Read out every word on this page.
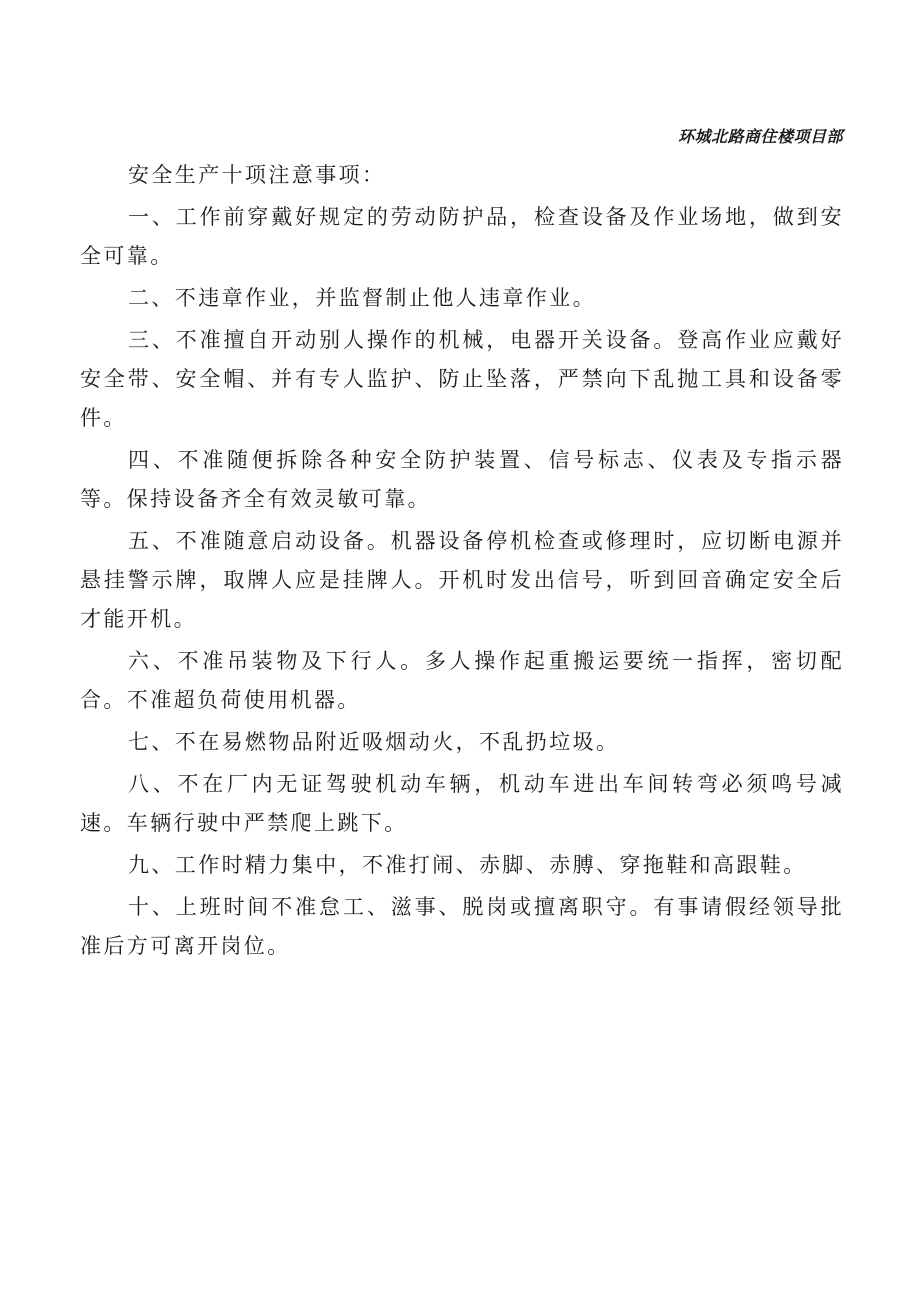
环城北路商住楼项目部

安全生产十项注意事项：

一、工作前穿戴好规定的劳动防护品，检查设备及作业场地，做到安全可靠。

二、不违章作业，并监督制止他人违章作业。

三、不准擅自开动别人操作的机械，电器开关设备。登高作业应戴好安全带、安全帽、并有专人监护、防止坠落，严禁向下乱抛工具和设备零件。

四、不准随便拆除各种安全防护装置、信号标志、仪表及专指示器等。保持设备齐全有效灵敏可靠。

五、不准随意启动设备。机器设备停机检查或修理时，应切断电源并悬挂警示牌，取牌人应是挂牌人。开机时发出信号，听到回音确定安全后才能开机。

六、不准吊装物及下行人。多人操作起重搬运要统一指挥，密切配合。不准超负荷使用机器。

七、不在易燃物品附近吸烟动火，不乱扔垃圾。

八、不在厂内无证驾驶机动车辆，机动车进出车间转弯必须鸣号减速。车辆行驶中严禁爬上跳下。

九、工作时精力集中，不准打闹、赤脚、赤膊、穿拖鞋和高跟鞋。

十、上班时间不准怠工、滋事、脱岗或擅离职守。有事请假经领导批准后方可离开岗位。
